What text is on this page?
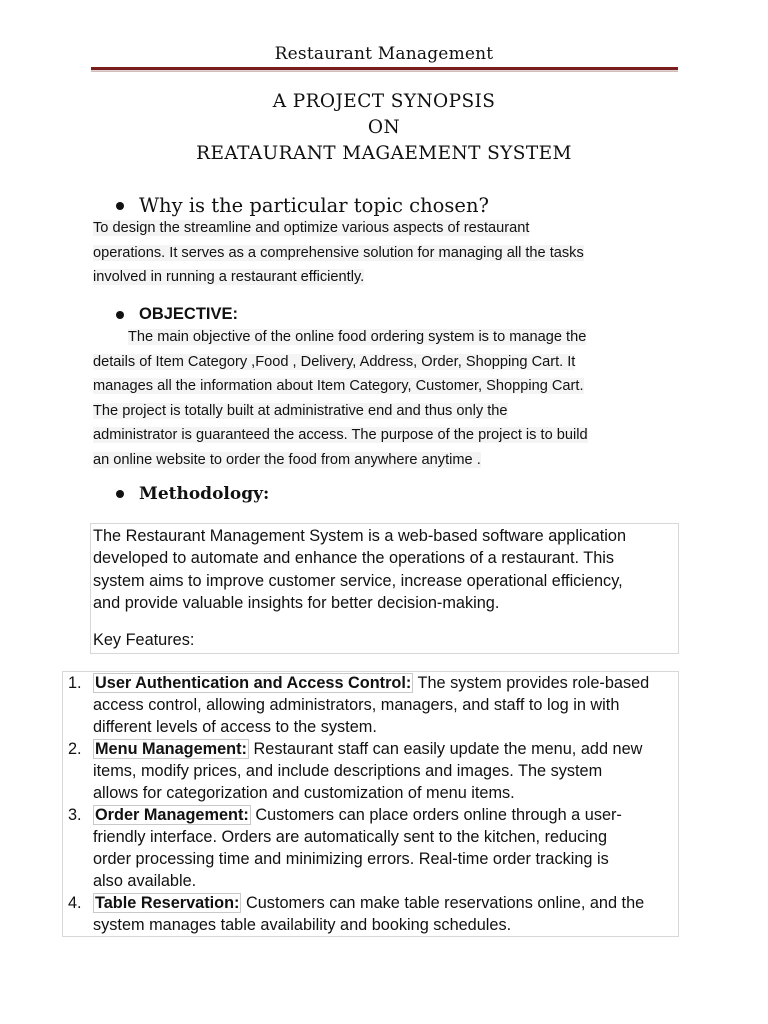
Restaurant Management
A PROJECT SYNOPSIS
ON
REATAURANT MAGAEMENT SYSTEM
Why is the particular topic chosen?
To design the streamline and optimize various aspects of restaurant
operations. It serves as a comprehensive solution for managing all the tasks
involved in running a restaurant efficiently.
OBJECTIVE:
The main objective of the online food ordering system is to manage the
details of Item Category ,Food , Delivery, Address, Order, Shopping Cart. It
manages all the information about Item Category, Customer, Shopping Cart.
The project is totally built at administrative end and thus only the
administrator is guaranteed the access. The purpose of the project is to build
an online website to order the food from anywhere anytime .
Methodology:
The Restaurant Management System is a web-based software application
developed to automate and enhance the operations of a restaurant. This
system aims to improve customer service, increase operational efficiency,
and provide valuable insights for better decision-making.
Key Features:
1. User Authentication and Access Control: The system provides role-based
access control, allowing administrators, managers, and staff to log in with
different levels of access to the system.
2. Menu Management: Restaurant staff can easily update the menu, add new
items, modify prices, and include descriptions and images. The system
allows for categorization and customization of menu items.
3. Order Management: Customers can place orders online through a user-
friendly interface. Orders are automatically sent to the kitchen, reducing
order processing time and minimizing errors. Real-time order tracking is
also available.
4. Table Reservation: Customers can make table reservations online, and the
system manages table availability and booking schedules.
